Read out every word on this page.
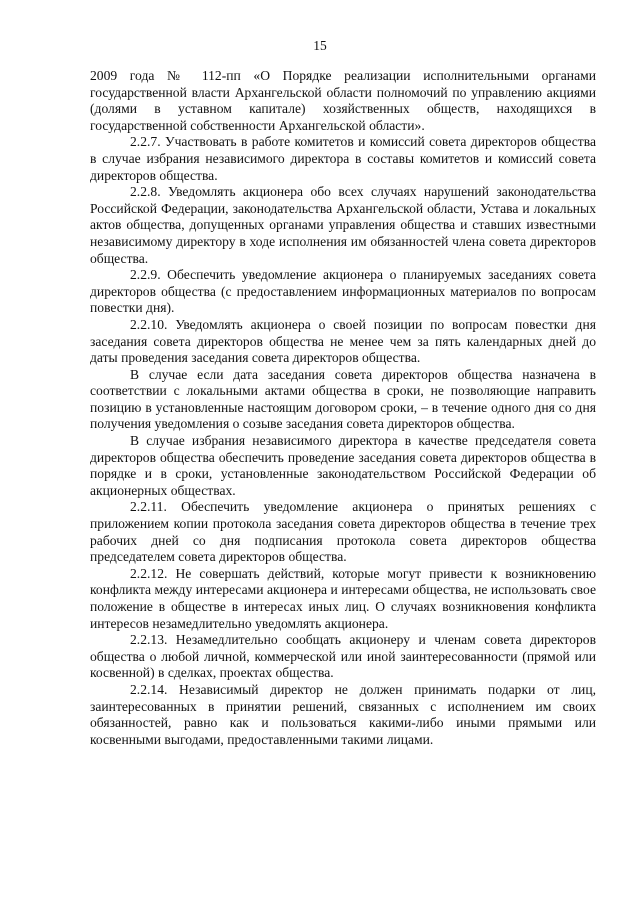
15

2009 года № 112-пп «О Порядке реализации исполнительными органами государственной власти Архангельской области полномочий по управлению акциями (долями в уставном капитале) хозяйственных обществ, находящихся в государственной собственности Архангельской области».

2.2.7. Участвовать в работе комитетов и комиссий совета директоров общества в случае избрания независимого директора в составы комитетов и комиссий совета директоров общества.

2.2.8. Уведомлять акционера обо всех случаях нарушений законодательства Российской Федерации, законодательства Архангельской области, Устава и локальных актов общества, допущенных органами управления общества и ставших известными независимому директору в ходе исполнения им обязанностей члена совета директоров общества.

2.2.9. Обеспечить уведомление акционера о планируемых заседаниях совета директоров общества (с предоставлением информационных материалов по вопросам повестки дня).

2.2.10. Уведомлять акционера о своей позиции по вопросам повестки дня заседания совета директоров общества не менее чем за пять календарных дней до даты проведения заседания совета директоров общества.

В случае если дата заседания совета директоров общества назначена в соответствии с локальными актами общества в сроки, не позволяющие направить позицию в установленные настоящим договором сроки, – в течение одного дня со дня получения уведомления о созыве заседания совета директоров общества.

В случае избрания независимого директора в качестве председателя совета директоров общества обеспечить проведение заседания совета директоров общества в порядке и в сроки, установленные законодательством Российской Федерации об акционерных обществах.

2.2.11. Обеспечить уведомление акционера о принятых решениях с приложением копии протокола заседания совета директоров общества в течение трех рабочих дней со дня подписания протокола совета директоров общества председателем совета директоров общества.

2.2.12. Не совершать действий, которые могут привести к возникновению конфликта между интересами акционера и интересами общества, не использовать свое положение в обществе в интересах иных лиц. О случаях возникновения конфликта интересов незамедлительно уведомлять акционера.

2.2.13. Незамедлительно сообщать акционеру и членам совета директоров общества о любой личной, коммерческой или иной заинтересованности (прямой или косвенной) в сделках, проектах общества.

2.2.14. Независимый директор не должен принимать подарки от лиц, заинтересованных в принятии решений, связанных с исполнением им своих обязанностей, равно как и пользоваться какими-либо иными прямыми или косвенными выгодами, предоставленными такими лицами.
